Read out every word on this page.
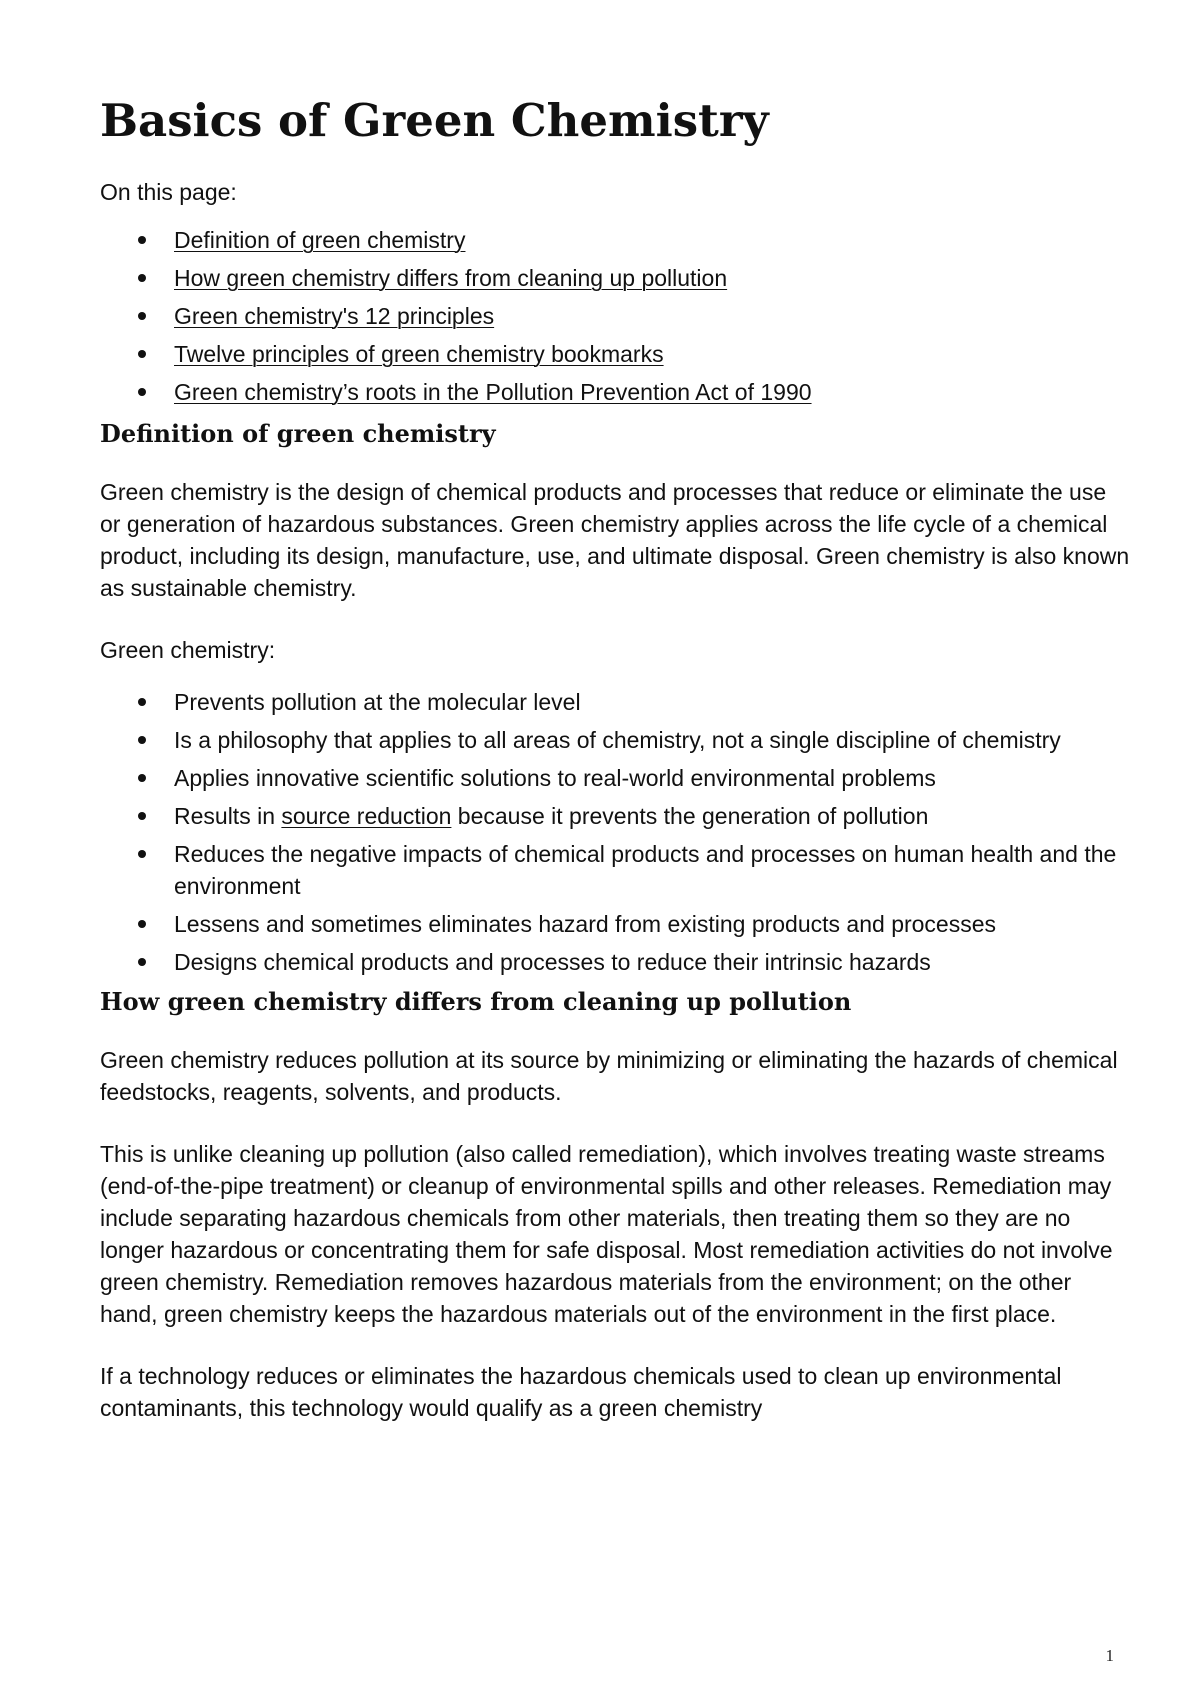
Basics of Green Chemistry

On this page:

Definition of green chemistry
How green chemistry differs from cleaning up pollution
Green chemistry's 12 principles
Twelve principles of green chemistry bookmarks
Green chemistry’s roots in the Pollution Prevention Act of 1990
Definition of green chemistry

Green chemistry is the design of chemical products and processes that reduce or eliminate the use or generation of hazardous substances. Green chemistry applies across the life cycle of a chemical product, including its design, manufacture, use, and ultimate disposal. Green chemistry is also known as sustainable chemistry.

Green chemistry:

Prevents pollution at the molecular level
Is a philosophy that applies to all areas of chemistry, not a single discipline of chemistry
Applies innovative scientific solutions to real-world environmental problems
Results in source reduction because it prevents the generation of pollution
Reduces the negative impacts of chemical products and processes on human health and the environment
Lessens and sometimes eliminates hazard from existing products and processes
Designs chemical products and processes to reduce their intrinsic hazards
How green chemistry differs from cleaning up pollution

Green chemistry reduces pollution at its source by minimizing or eliminating the hazards of chemical feedstocks, reagents, solvents, and products.

This is unlike cleaning up pollution (also called remediation), which involves treating waste streams (end-of-the-pipe treatment) or cleanup of environmental spills and other releases. Remediation may include separating hazardous chemicals from other materials, then treating them so they are no longer hazardous or concentrating them for safe disposal. Most remediation activities do not involve green chemistry. Remediation removes hazardous materials from the environment; on the other hand, green chemistry keeps the hazardous materials out of the environment in the first place.

If a technology reduces or eliminates the hazardous chemicals used to clean up environmental contaminants, this technology would qualify as a green chemistry

1
